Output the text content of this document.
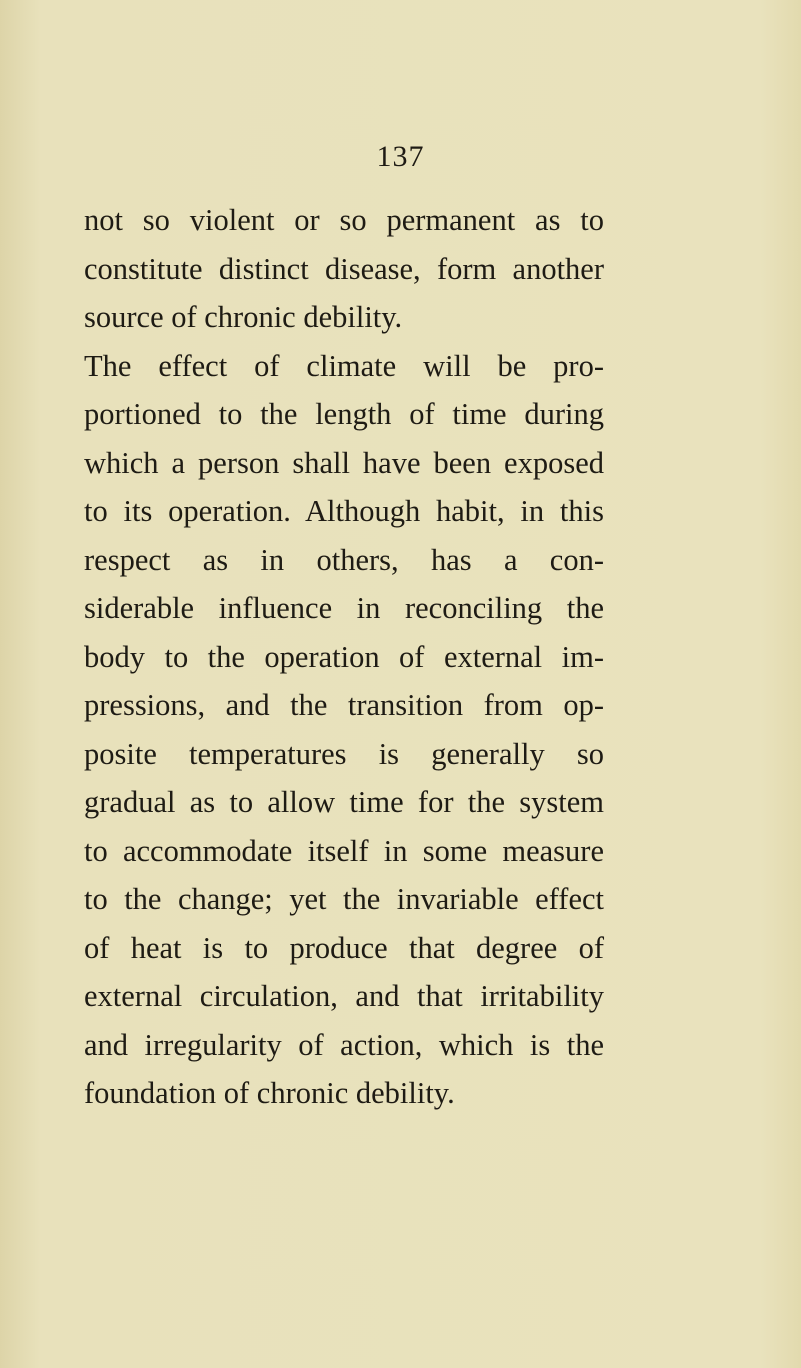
137
not so violent or so permanent as to
constitute distinct disease, form another
source of chronic debility.
The effect of climate will be pro-
portioned to the length of time during
which a person shall have been exposed
to its operation. Although habit, in this
respect as in others, has a con-
siderable influence in reconciling the
body to the operation of external im-
pressions, and the transition from op-
posite temperatures is generally so
gradual as to allow time for the system
to accommodate itself in some measure
to the change; yet the invariable effect
of heat is to produce that degree of
external circulation, and that irritability
and irregularity of action, which is the
foundation of chronic debility.
